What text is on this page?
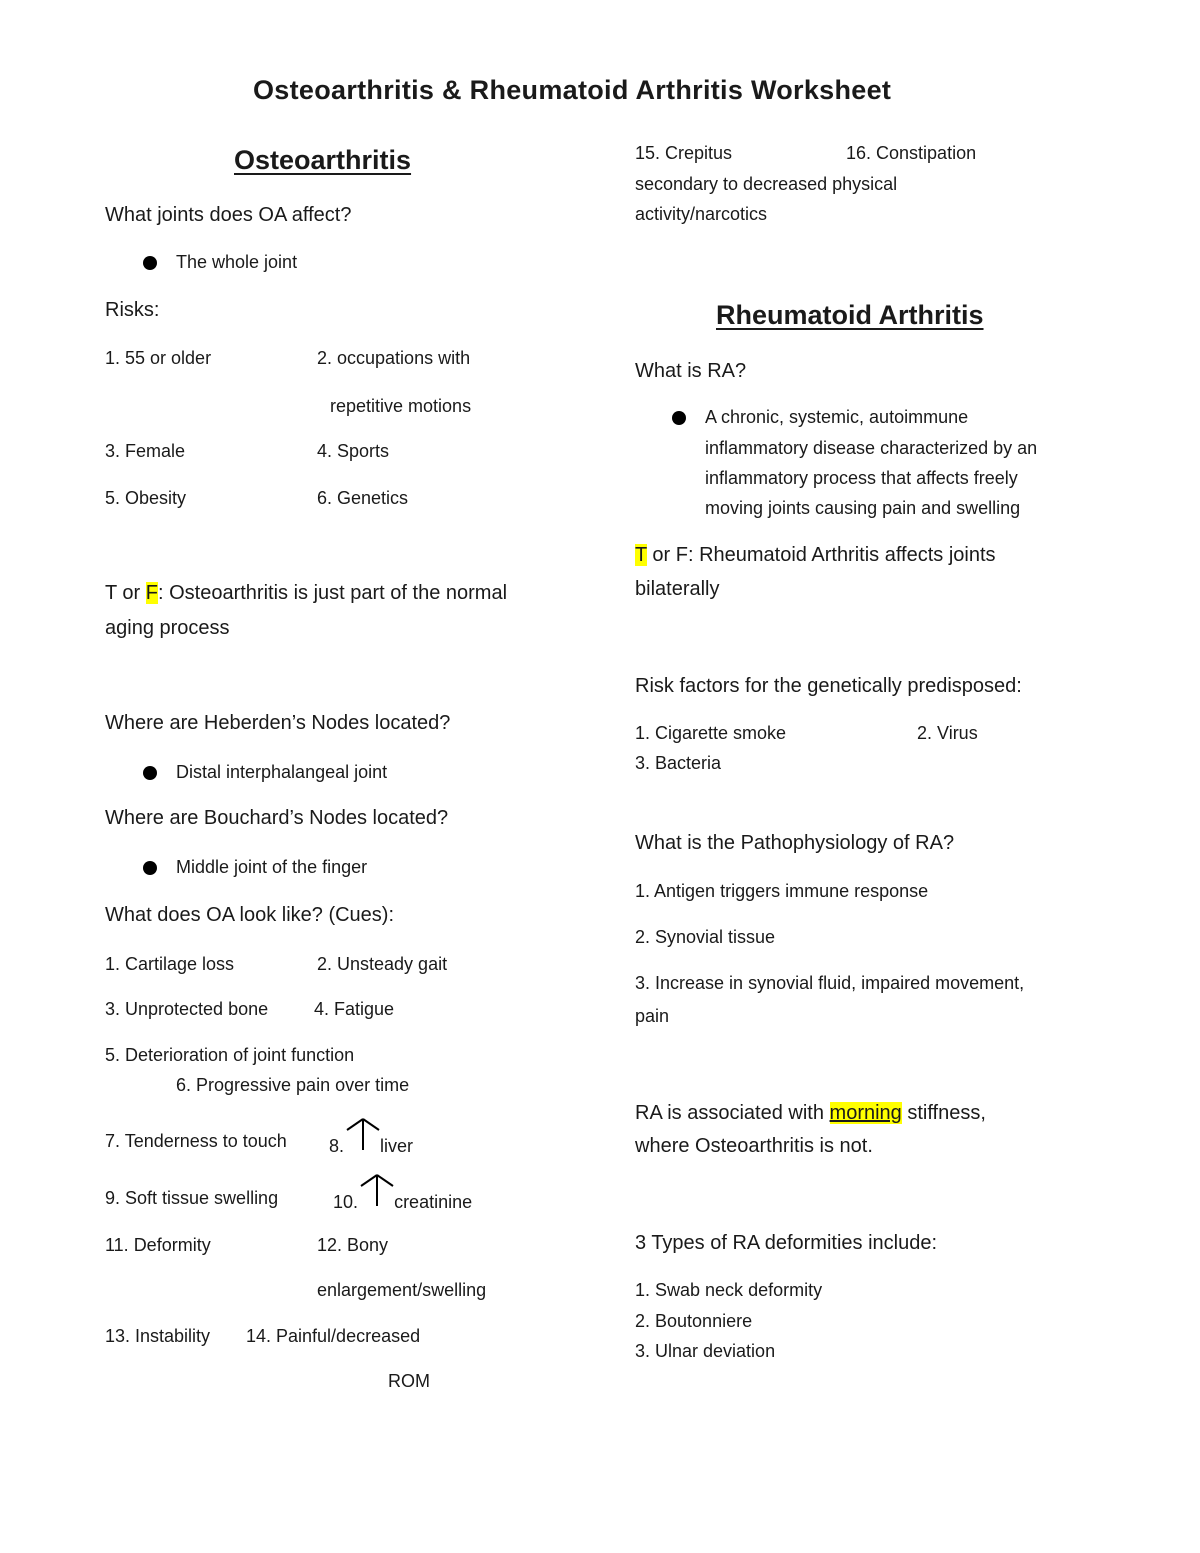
Osteoarthritis & Rheumatoid Arthritis Worksheet
Osteoarthritis
What joints does OA affect?
The whole joint
Risks:
1. 55 or older	2. occupations with
repetitive motions
3. Female	4. Sports
5. Obesity	6. Genetics
T or F: Osteoarthritis is just part of the normal
aging process
Where are Heberden’s Nodes located?
Distal interphalangeal joint
Where are Bouchard’s Nodes located?
Middle joint of the finger
What does OA look like? (Cues):
1. Cartilage loss	2. Unsteady gait
3. Unprotected bone	4. Fatigue
5. Deterioration of joint function
6. Progressive pain over time
7. Tenderness to touch 8. liver
9. Soft tissue swelling	10. creatinine
11. Deformity	12. Bony
enlargement/swelling
13. Instability 14. Painful/decreased
ROM
15. Crepitus	16. Constipation
secondary to decreased physical
activity/narcotics
Rheumatoid Arthritis
What is RA?
A chronic, systemic, autoimmune
inflammatory disease characterized by an
inflammatory process that affects freely
moving joints causing pain and swelling
T or F: Rheumatoid Arthritis affects joints
bilaterally
Risk factors for the genetically predisposed:
1. Cigarette smoke	2. Virus
3. Bacteria
What is the Pathophysiology of RA?
1. Antigen triggers immune response
2. Synovial tissue
3. Increase in synovial fluid, impaired movement,
pain
RA is associated with morning stiffness,
where Osteoarthritis is not.
3 Types of RA deformities include:
1. Swab neck deformity
2. Boutonniere
3. Ulnar deviation
